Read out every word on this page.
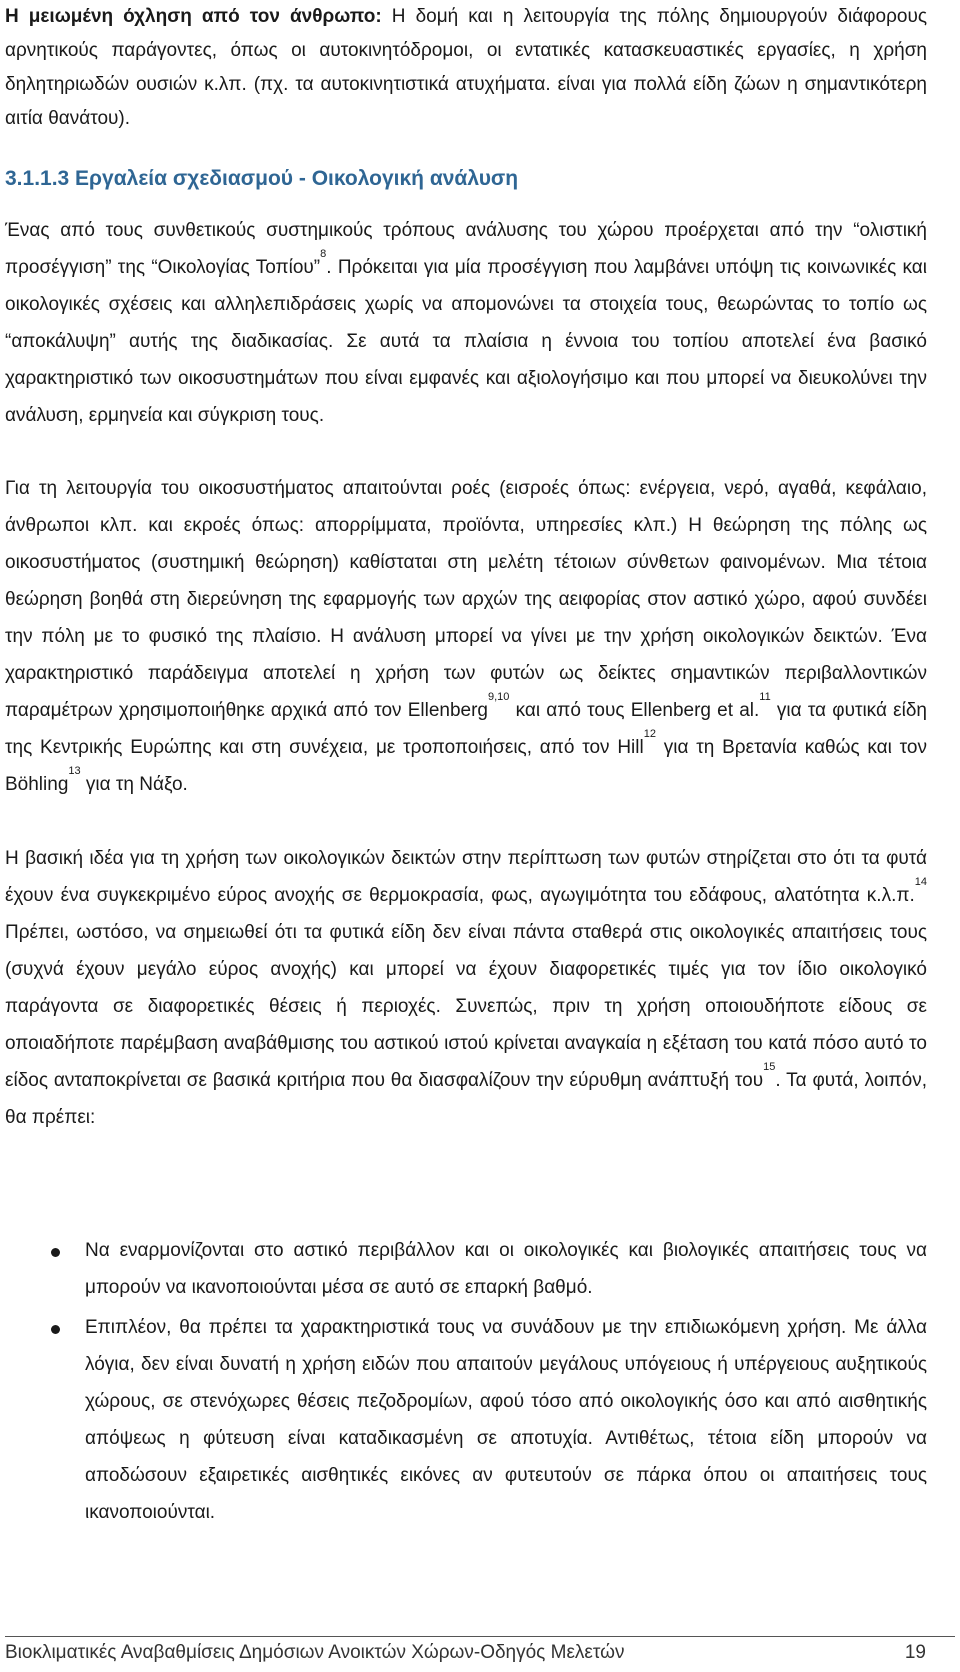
Η μειωμένη όχληση από τον άνθρωπο: Η δομή και η λειτουργία της πόλης δημιουργούν διάφορους αρνητικούς παράγοντες, όπως οι αυτοκινητόδρομοι, οι εντατικές κατασκευαστικές εργασίες, η χρήση δηλητηριωδών ουσιών κ.λπ. (πχ. τα αυτοκινητιστικά ατυχήματα. είναι για πολλά είδη ζώων η σημαντικότερη αιτία θανάτου).

3.1.1.3 Εργαλεία σχεδιασμού - Οικολογική ανάλυση

Ένας από τους συνθετικούς συστημικούς τρόπους ανάλυσης του χώρου προέρχεται από την “ολιστική προσέγγιση” της “Οικολογίας Τοπίου”$^8$. Πρόκειται για μία προσέγγιση που λαμβάνει υπόψη τις κοινωνικές και οικολογικές σχέσεις και αλληλεπιδράσεις χωρίς να απομονώνει τα στοιχεία τους, θεωρώντας το τοπίο ως “αποκάλυψη” αυτής της διαδικασίας. Σε αυτά τα πλαίσια η έννοια του τοπίου αποτελεί ένα βασικό χαρακτηριστικό των οικοσυστημάτων που είναι εμφανές και αξιολογήσιμο και που μπορεί να διευκολύνει την ανάλυση, ερμηνεία και σύγκριση τους.

Για τη λειτουργία του οικοσυστήματος απαιτούνται ροές (εισροές όπως: ενέργεια, νερό, αγαθά, κεφάλαιο, άνθρωποι κλπ. και εκροές όπως: απορρίμματα, προϊόντα, υπηρεσίες κλπ.) Η θεώρηση της πόλης ως οικοσυστήματος (συστημική θεώρηση) καθίσταται στη μελέτη τέτοιων σύνθετων φαινομένων. Μια τέτοια θεώρηση βοηθά στη διερεύνηση της εφαρμογής των αρχών της αειφορίας στον αστικό χώρο, αφού συνδέει την πόλη με το φυσικό της πλαίσιο. Η ανάλυση μπορεί να γίνει με την χρήση οικολογικών δεικτών. Ένα χαρακτηριστικό παράδειγμα αποτελεί η χρήση των φυτών ως δείκτες σημαντικών περιβαλλοντικών παραμέτρων χρησιμοποιήθηκε αρχικά από τον Ellenberg$^{9,10}$ και από τους Ellenberg et al.$^{11}$ για τα φυτικά είδη της Κεντρικής Ευρώπης και στη συνέχεια, με τροποποιήσεις, από τον Hill$^{12}$ για τη Βρετανία καθώς και τον Böhling$^{13}$ για τη Νάξο.

Η βασική ιδέα για τη χρήση των οικολογικών δεικτών στην περίπτωση των φυτών στηρίζεται στο ότι τα φυτά έχουν ένα συγκεκριμένο εύρος ανοχής σε θερμοκρασία, φως, αγωγιμότητα του εδάφους, αλατότητα κ.λ.π.$^{14}$ Πρέπει, ωστόσο, να σημειωθεί ότι τα φυτικά είδη δεν είναι πάντα σταθερά στις οικολογικές απαιτήσεις τους (συχνά έχουν μεγάλο εύρος ανοχής) και μπορεί να έχουν διαφορετικές τιμές για τον ίδιο οικολογικό παράγοντα σε διαφορετικές θέσεις ή περιοχές. Συνεπώς, πριν τη χρήση οποιουδήποτε είδους σε οποιαδήποτε παρέμβαση αναβάθμισης του αστικού ιστού κρίνεται αναγκαία η εξέταση του κατά πόσο αυτό το είδος ανταποκρίνεται σε βασικά κριτήρια που θα διασφαλίζουν την εύρυθμη ανάπτυξή του$^{15}$. Τα φυτά, λοιπόν, θα πρέπει:

Να εναρμονίζονται στο αστικό περιβάλλον και οι οικολογικές και βιολογικές απαιτήσεις τους να μπορούν να ικανοποιούνται μέσα σε αυτό σε επαρκή βαθμό.
Επιπλέον, θα πρέπει τα χαρακτηριστικά τους να συνάδουν με την επιδιωκόμενη χρήση. Με άλλα λόγια, δεν είναι δυνατή η χρήση ειδών που απαιτούν μεγάλους υπόγειους ή υπέργειους αυξητικούς χώρους, σε στενόχωρες θέσεις πεζοδρομίων, αφού τόσο από οικολογικής όσο και από αισθητικής απόψεως η φύτευση είναι καταδικασμένη σε αποτυχία. Αντιθέτως, τέτοια είδη μπορούν να αποδώσουν εξαιρετικές αισθητικές εικόνες αν φυτευτούν σε πάρκα όπου οι απαιτήσεις τους ικανοποιούνται.
Βιοκλιματικές Αναβαθμίσεις Δημόσιων Ανοικτών Χώρων-Οδηγός Μελετών	19
